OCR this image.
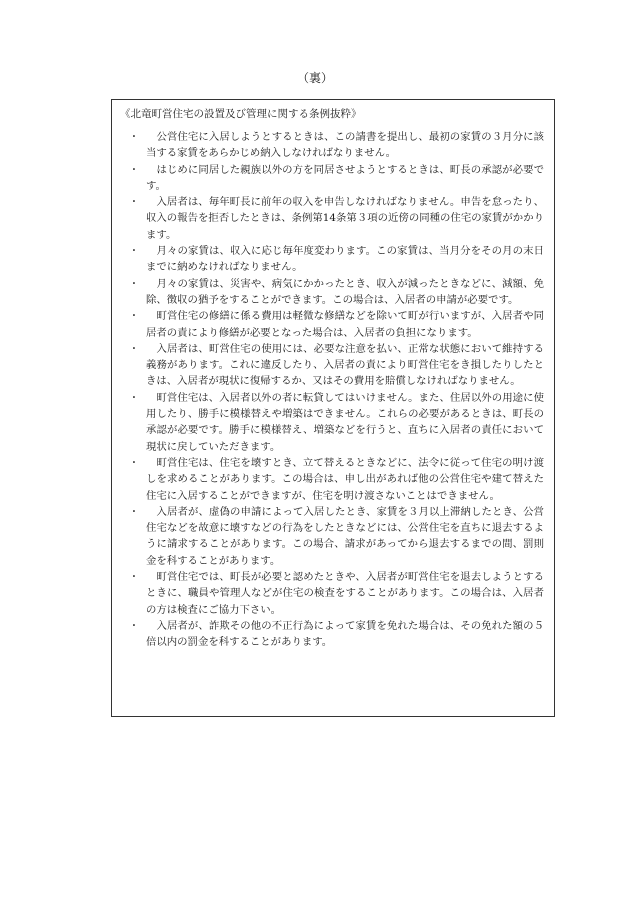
（裏）
《北竜町営住宅の設置及び管理に関する条例抜粋》
・ 　公営住宅に入居しようとするときは、この請書を提出し、最初の家賃の３月分に該当する家賃をあらかじめ納入しなければなりません。
・ 　はじめに同居した親族以外の方を同居させようとするときは、町長の承認が必要です。
・ 　入居者は、毎年町長に前年の収入を申告しなければなりません。申告を怠ったり、収入の報告を拒否したときは、条例第14条第３項の近傍の同種の住宅の家賃がかかります。
・ 　月々の家賃は、収入に応じ毎年度変わります。この家賃は、当月分をその月の末日までに納めなければなりません。
・ 　月々の家賃は、災害や、病気にかかったとき、収入が減ったときなどに、減額、免除、徴収の猶予をすることができます。この場合は、入居者の申請が必要です。
・ 　町営住宅の修繕に係る費用は軽微な修繕などを除いて町が行いますが、入居者や同居者の責により修繕が必要となった場合は、入居者の負担になります。
・ 　入居者は、町営住宅の使用には、必要な注意を払い、正常な状態において維持する義務があります。これに違反したり、入居者の責により町営住宅をき損したりしたときは、入居者が現状に復帰するか、又はその費用を賠償しなければなりません。
・ 　町営住宅は、入居者以外の者に転貸してはいけません。また、住居以外の用途に使用したり、勝手に模様替えや増築はできません。これらの必要があるときは、町長の承認が必要です。勝手に模様替え、増築などを行うと、直ちに入居者の責任において現状に戻していただきます。
・ 　町営住宅は、住宅を壊すとき、立て替えるときなどに、法令に従って住宅の明け渡しを求めることがあります。この場合は、申し出があれば他の公営住宅や建て替えた住宅に入居することができますが、住宅を明け渡さないことはできません。
・ 　入居者が、虚偽の申請によって入居したとき、家賃を３月以上滞納したとき、公営住宅などを故意に壊すなどの行為をしたときなどには、公営住宅を直ちに退去するように請求することがあります。この場合、請求があってから退去するまでの間、罰則金を科することがあります。
・ 　町営住宅では、町長が必要と認めたときや、入居者が町営住宅を退去しようとするときに、職員や管理人などが住宅の検査をすることがあります。この場合は、入居者の方は検査にご協力下さい。
・ 　入居者が、詐欺その他の不正行為によって家賃を免れた場合は、その免れた額の５倍以内の罰金を科することがあります。
